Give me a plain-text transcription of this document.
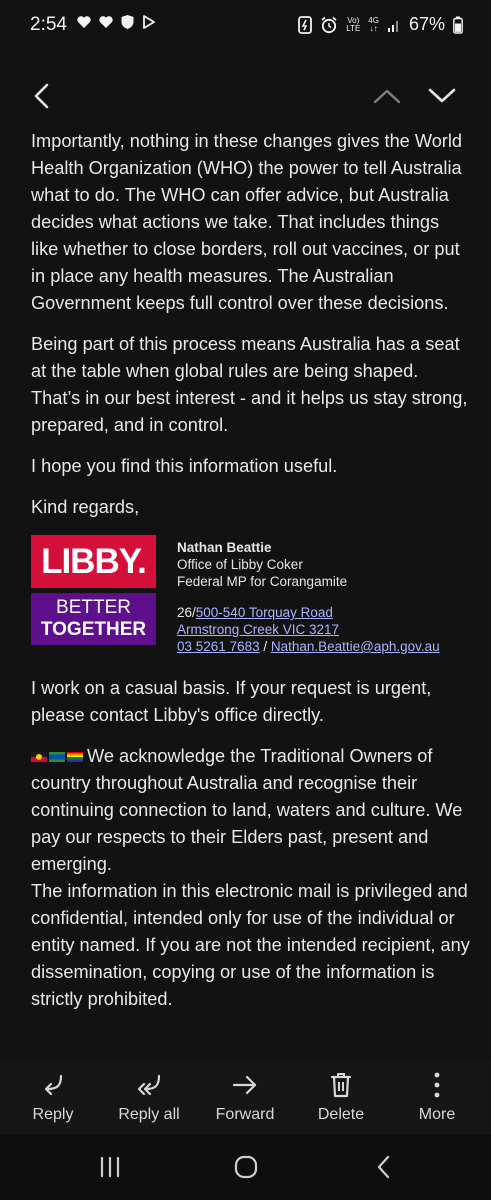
2:54	Vo)
LTE
4G
↓↑ 67%

Importantly, nothing in these changes gives the World Health Organization (WHO) the power to tell Australia what to do. The WHO can offer advice, but Australia decides what actions we take. That includes things like whether to close borders, roll out vaccines, or put in place any health measures. The Australian Government keeps full control over these decisions.

Being part of this process means Australia has a seat at the table when global rules are being shaped. That’s in our best interest - and it helps us stay strong, prepared, and in control.

I hope you find this information useful.

Kind regards,

LIBBY.
BETTER
TOGETHER
Nathan Beattie
Office of Libby Coker
Federal MP for Corangamite
26/500-540 Torquay Road
Armstrong Creek VIC 3217
03 5261 7683 / Nathan.Beattie@aph.gov.au

I work on a casual basis. If your request is urgent, please contact Libby's office directly.

We acknowledge the Traditional Owners of country throughout Australia and recognise their continuing connection to land, waters and culture. We pay our respects to their Elders past, present and emerging.

The information in this electronic mail is privileged and confidential, intended only for use of the individual or entity named. If you are not the intended recipient, any dissemination, copying or use of the information is strictly prohibited.

Reply	Reply all	Forward	Delete	More
